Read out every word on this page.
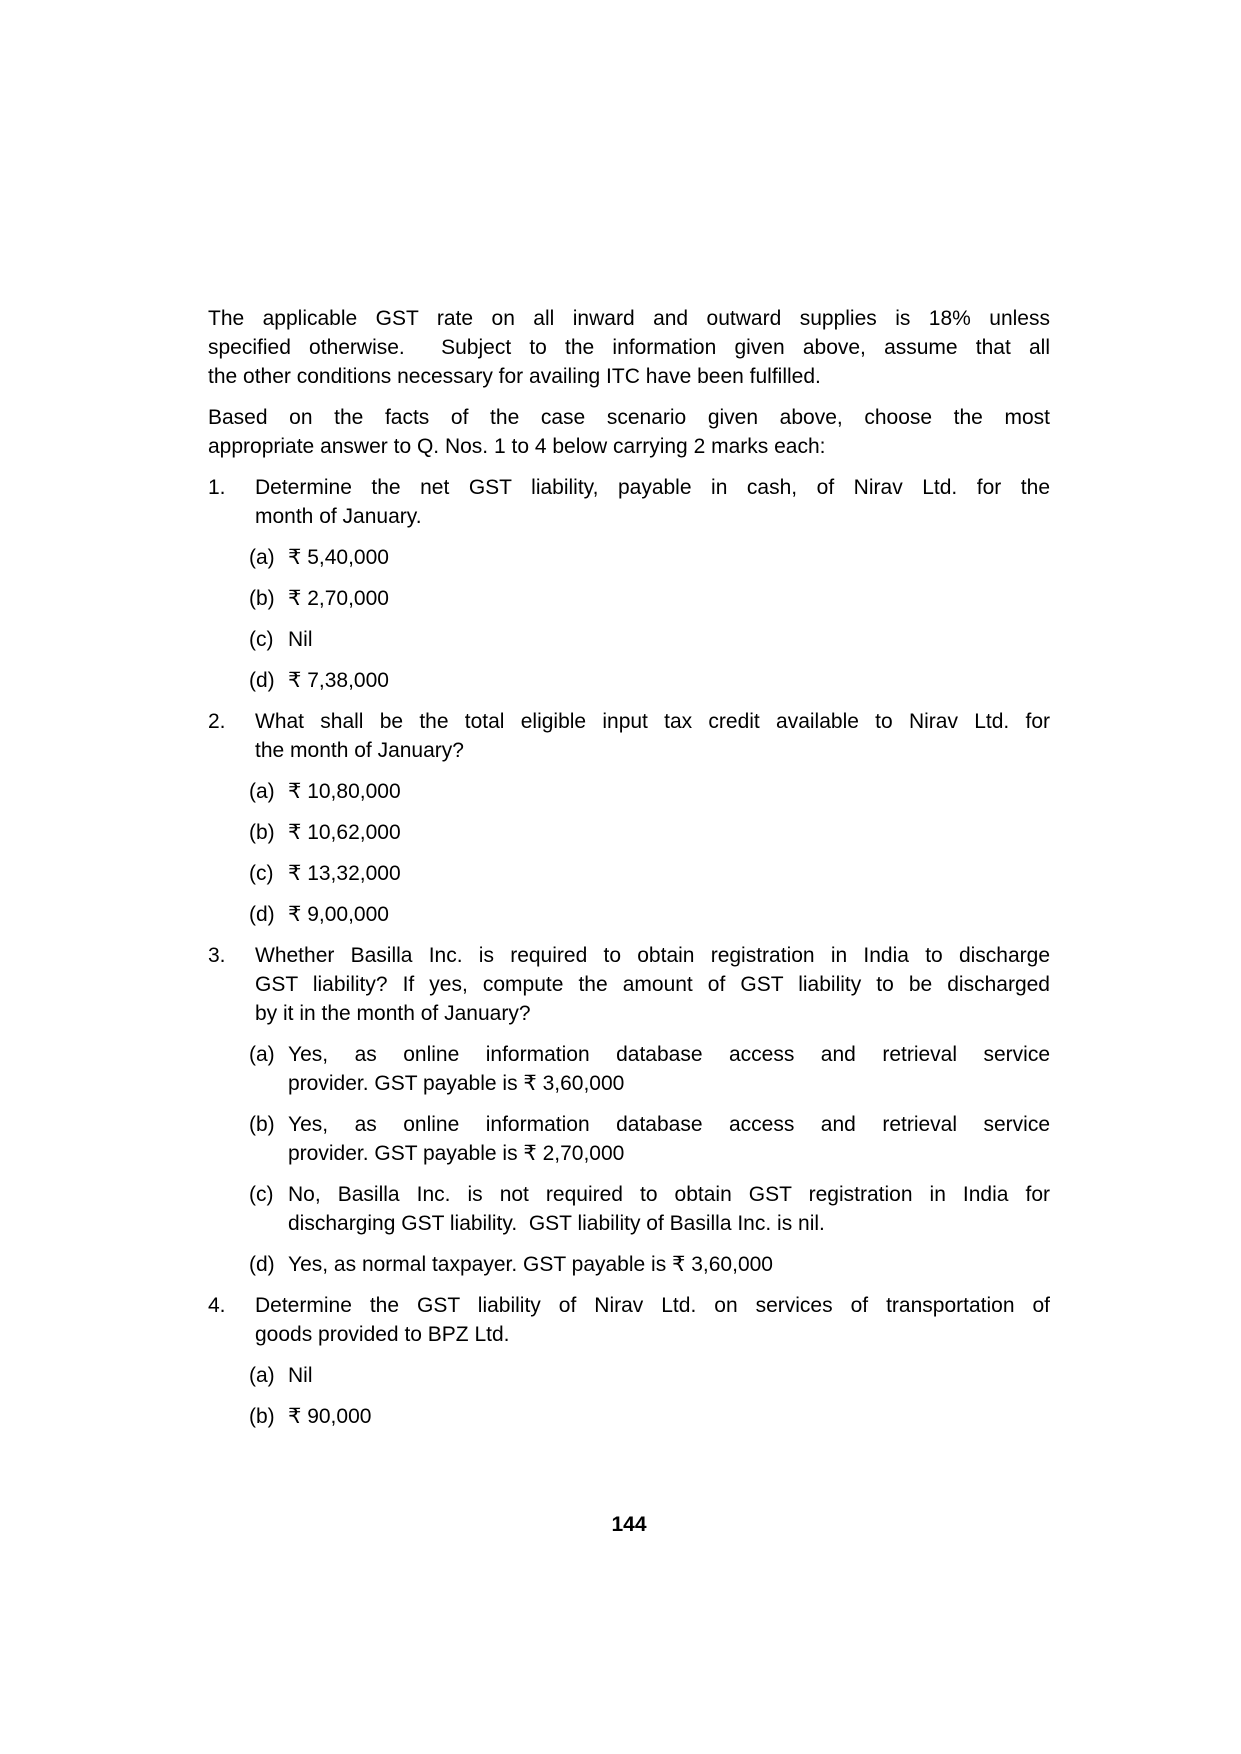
The applicable GST rate on all inward and outward supplies is 18% unless
specified otherwise.  Subject to the information given above, assume that all
the other conditions necessary for availing ITC have been fulfilled.
Based on the facts of the case scenario given above, choose the most
appropriate answer to Q. Nos. 1 to 4 below carrying 2 marks each:
1.	Determine the net GST liability, payable in cash, of Nirav Ltd. for the
month of January.
(a) ₹ 5,40,000
(b) ₹ 2,70,000
(c) Nil
(d) ₹ 7,38,000
2.	What shall be the total eligible input tax credit available to Nirav Ltd. for
the month of January?
(a) ₹ 10,80,000
(b) ₹ 10,62,000
(c) ₹ 13,32,000
(d) ₹ 9,00,000
3.	Whether Basilla Inc. is required to obtain registration in India to discharge
GST liability? If yes, compute the amount of GST liability to be discharged
by it in the month of January?
(a) Yes, as online information database access and retrieval service
provider. GST payable is ₹ 3,60,000
(b) Yes, as online information database access and retrieval service
provider. GST payable is ₹ 2,70,000
(c) No, Basilla Inc. is not required to obtain GST registration in India for
discharging GST liability.  GST liability of Basilla Inc. is nil.
(d) Yes, as normal taxpayer. GST payable is ₹ 3,60,000
4.	Determine the GST liability of Nirav Ltd. on services of transportation of
goods provided to BPZ Ltd.
(a) Nil
(b) ₹ 90,000
144
